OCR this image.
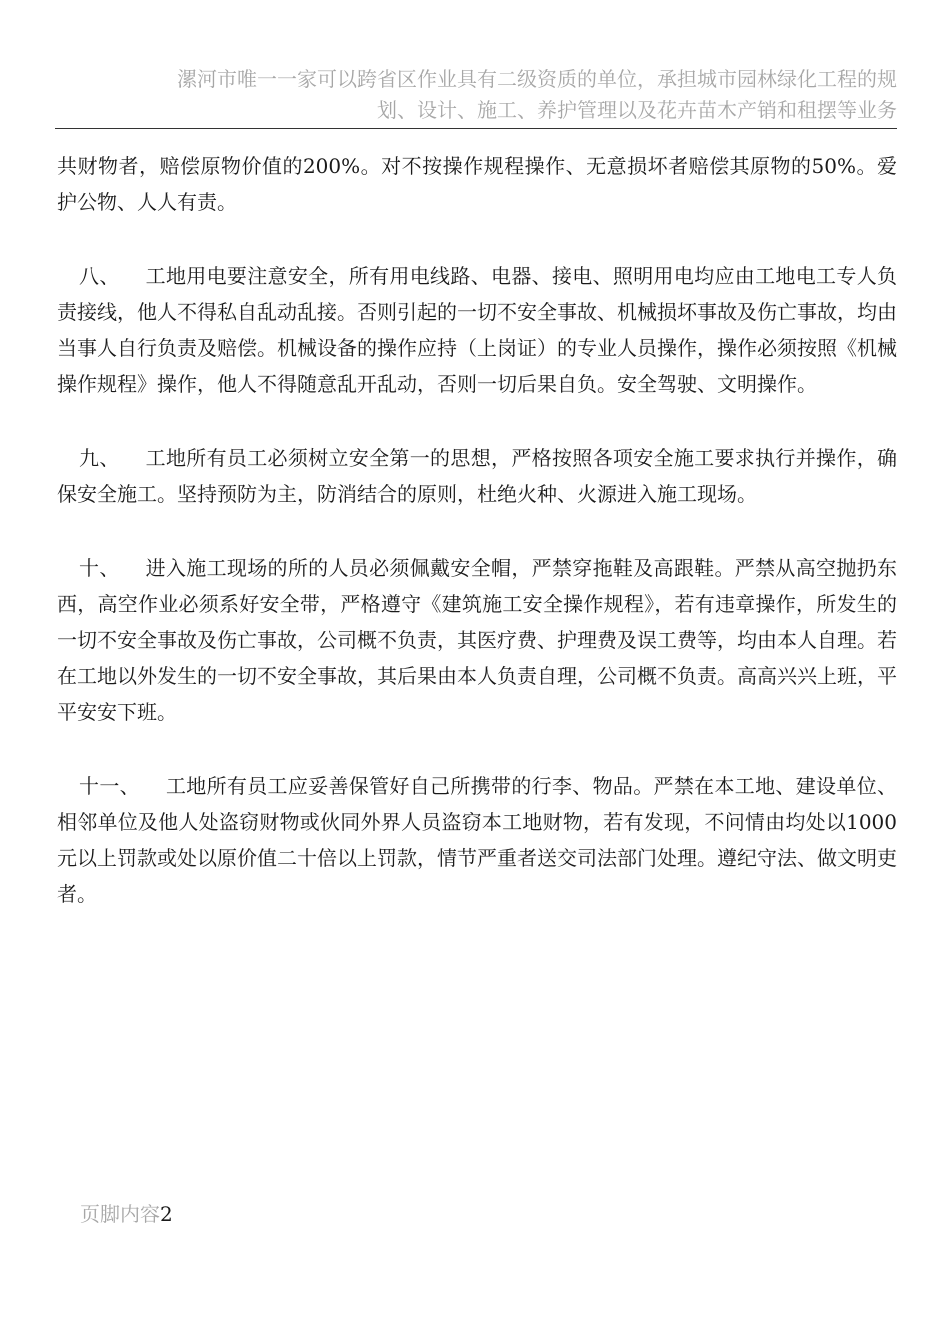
漯河市唯一一家可以跨省区作业具有二级资质的单位，承担城市园林绿化工程的规
划、设计、施工、养护管理以及花卉苗木产销和租摆等业务

共财物者，赔偿原物价值的200%。对不按操作规程操作、无意损坏者赔偿其原物的50%。爱护公物、人人有责。

八、 工地用电要注意安全，所有用电线路、电器、接电、照明用电均应由工地电工专人负责接线，他人不得私自乱动乱接。否则引起的一切不安全事故、机械损坏事故及伤亡事故，均由当事人自行负责及赔偿。机械设备的操作应持（上岗证）的专业人员操作，操作必须按照《机械操作规程》操作，他人不得随意乱开乱动，否则一切后果自负。安全驾驶、文明操作。

九、 工地所有员工必须树立安全第一的思想，严格按照各项安全施工要求执行并操作，确保安全施工。坚持预防为主，防消结合的原则，杜绝火种、火源进入施工现场。

十、 进入施工现场的所的人员必须佩戴安全帽，严禁穿拖鞋及高跟鞋。严禁从高空抛扔东西，高空作业必须系好安全带，严格遵守《建筑施工安全操作规程》，若有违章操作，所发生的一切不安全事故及伤亡事故，公司概不负责，其医疗费、护理费及误工费等，均由本人自理。若在工地以外发生的一切不安全事故，其后果由本人负责自理，公司概不负责。高高兴兴上班，平平安安下班。

十一、 工地所有员工应妥善保管好自己所携带的行李、物品。严禁在本工地、建设单位、相邻单位及他人处盗窃财物或伙同外界人员盗窃本工地财物，若有发现，不问情由均处以1000元以上罚款或处以原价值二十倍以上罚款，情节严重者送交司法部门处理。遵纪守法、做文明吏者。

页脚内容2
